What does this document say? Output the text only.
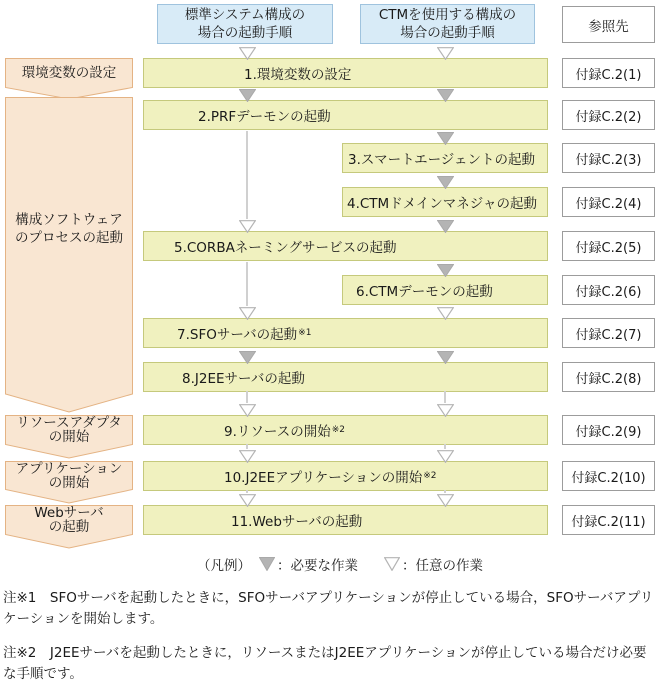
標準システム構成の
場合の起動手順
CTMを使用する構成の
場合の起動手順	参照先
環境変数の設定
構成ソフトウェア
のプロセスの起動
リソースアダプタ
の開始
アプリケーション
の開始
Webサーバ
の起動
1.環境変数の設定
2.PRFデーモンの起動
3.スマートエージェントの起動
4.CTMドメインマネジャの起動
5.CORBAネーミングサービスの起動
6.CTMデーモンの起動
7.SFOサーバの起動 ※1
8.J2EEサーバの起動
9.リソースの開始 ※2
10.J2EEアプリケーションの開始 ※2
11.Webサーバの起動
付録C.2(1)
付録C.2(2)
付録C.2(3)
付録C.2(4)
付録C.2(5)
付録C.2(6)
付録C.2(7)
付録C.2(8)
付録C.2(9)
付録C.2(10)
付録C.2(11)
（凡例） ：必要な作業	：任意の作業
注※1　SFOサーバを起動したときに，SFOサーバアプリケーションが停止している場合，SFOサーバアプリケーションを開始します。
注※2　J2EEサーバを起動したときに，リソースまたはJ2EEアプリケーションが停止している場合だけ必要な手順です。
